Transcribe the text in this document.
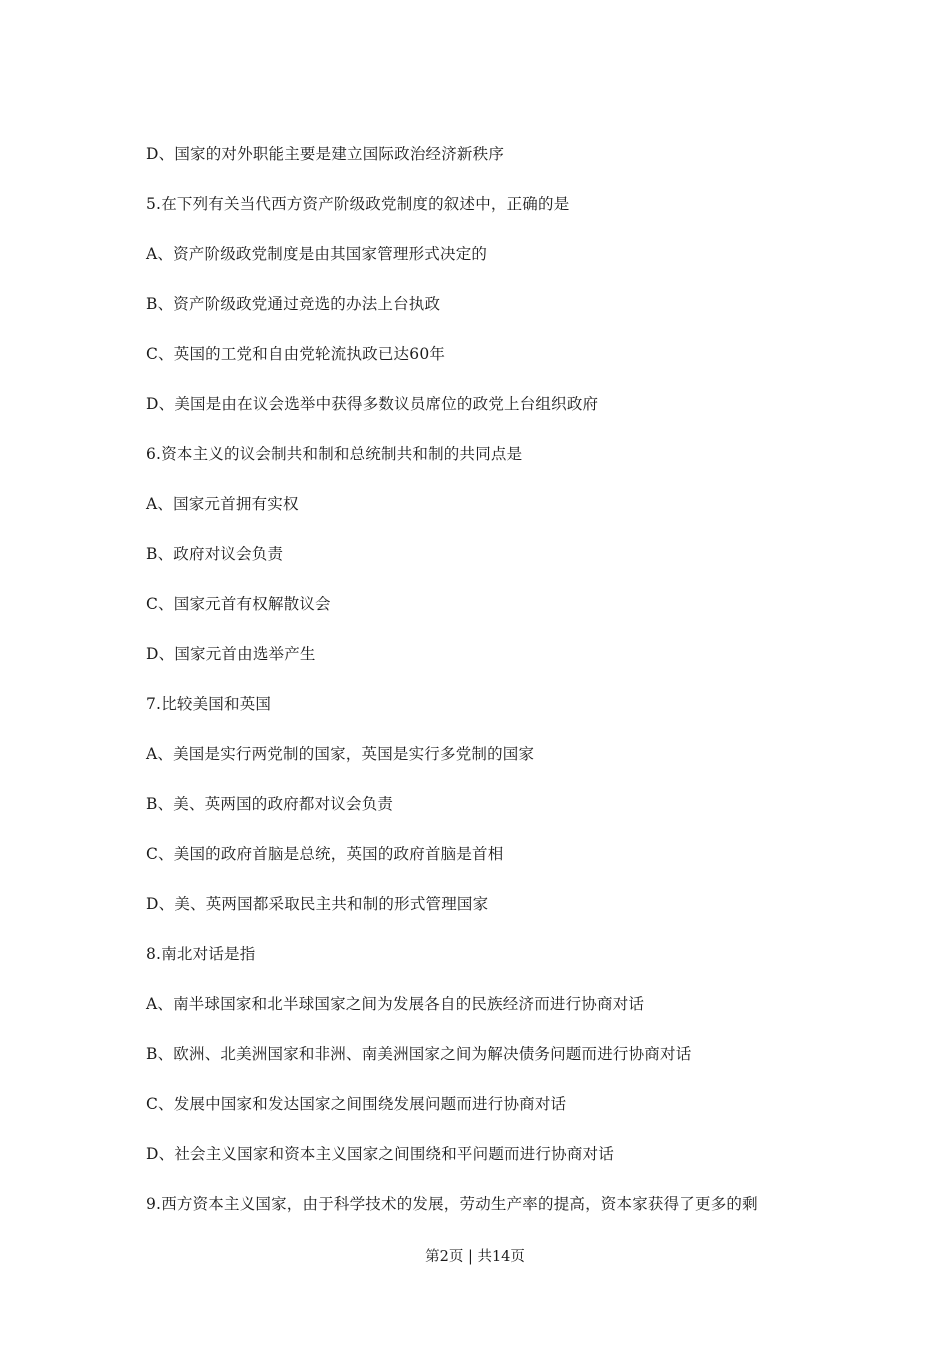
D、国家的对外职能主要是建立国际政治经济新秩序
5.在下列有关当代西方资产阶级政党制度的叙述中，正确的是
A、资产阶级政党制度是由其国家管理形式决定的
B、资产阶级政党通过竞选的办法上台执政
C、英国的工党和自由党轮流执政已达60年
D、美国是由在议会选举中获得多数议员席位的政党上台组织政府
6.资本主义的议会制共和制和总统制共和制的共同点是
A、国家元首拥有实权
B、政府对议会负责
C、国家元首有权解散议会
D、国家元首由选举产生
7.比较美国和英国
A、美国是实行两党制的国家，英国是实行多党制的国家
B、美、英两国的政府都对议会负责
C、美国的政府首脑是总统，英国的政府首脑是首相
D、美、英两国都采取民主共和制的形式管理国家
8.南北对话是指
A、南半球国家和北半球国家之间为发展各自的民族经济而进行协商对话
B、欧洲、北美洲国家和非洲、南美洲国家之间为解决债务问题而进行协商对话
C、发展中国家和发达国家之间围绕发展问题而进行协商对话
D、社会主义国家和资本主义国家之间围绕和平问题而进行协商对话
9.西方资本主义国家，由于科学技术的发展，劳动生产率的提高，资本家获得了更多的剩
第2页 | 共14页
